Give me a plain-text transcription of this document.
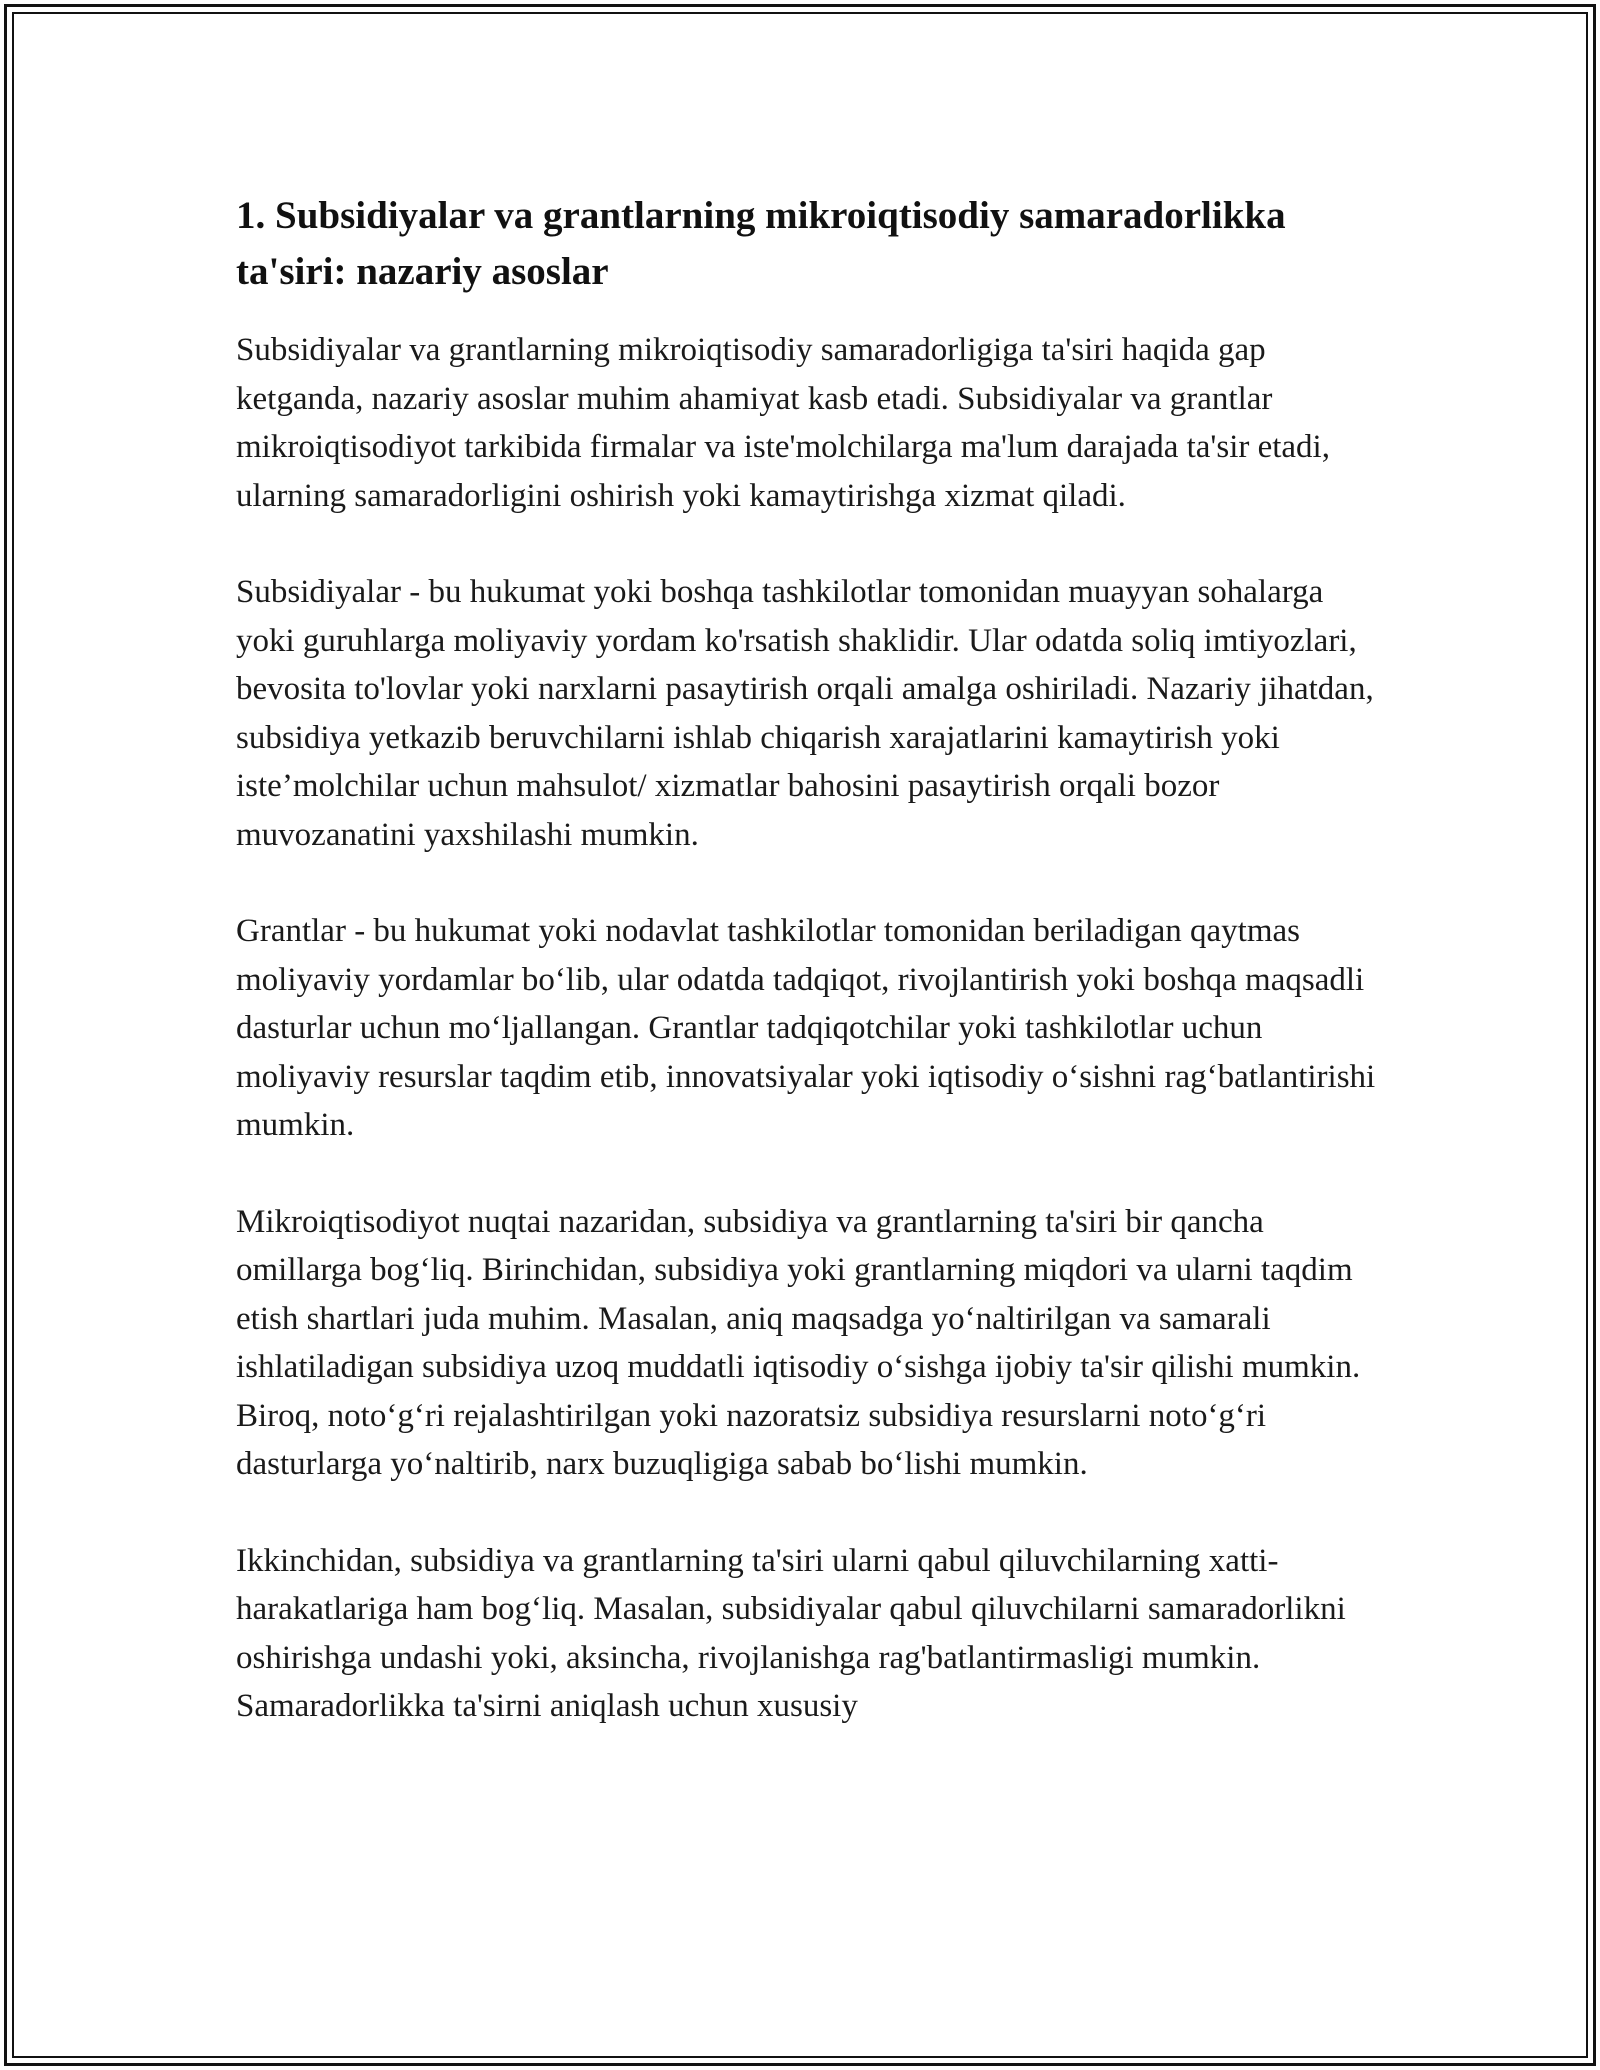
1. Subsidiyalar va grantlarning mikroiqtisodiy samaradorlikka ta'siri: nazariy asoslar

Subsidiyalar va grantlarning mikroiqtisodiy samaradorligiga ta'siri haqida gap ketganda, nazariy asoslar muhim ahamiyat kasb etadi. Subsidiyalar va grantlar mikroiqtisodiyot tarkibida firmalar va iste'molchilarga ma'lum darajada ta'sir etadi, ularning samaradorligini oshirish yoki kamaytirishga xizmat qiladi.

Subsidiyalar - bu hukumat yoki boshqa tashkilotlar tomonidan muayyan sohalarga yoki guruhlarga moliyaviy yordam ko'rsatish shaklidir. Ular odatda soliq imtiyozlari, bevosita to'lovlar yoki narxlarni pasaytirish orqali amalga oshiriladi. Nazariy jihatdan, subsidiya yetkazib beruvchilarni ishlab chiqarish xarajatlarini kamaytirish yoki iste’molchilar uchun mahsulot/ xizmatlar bahosini pasaytirish orqali bozor muvozanatini yaxshilashi mumkin.

Grantlar - bu hukumat yoki nodavlat tashkilotlar tomonidan beriladigan qaytmas moliyaviy yordamlar bo‘lib, ular odatda tadqiqot, rivojlantirish yoki boshqa maqsadli dasturlar uchun mo‘ljallangan. Grantlar tadqiqotchilar yoki tashkilotlar uchun moliyaviy resurslar taqdim etib, innovatsiyalar yoki iqtisodiy o‘sishni rag‘batlantirishi mumkin.

Mikroiqtisodiyot nuqtai nazaridan, subsidiya va grantlarning ta'siri bir qancha omillarga bog‘liq. Birinchidan, subsidiya yoki grantlarning miqdori va ularni taqdim etish shartlari juda muhim. Masalan, aniq maqsadga yo‘naltirilgan va samarali ishlatiladigan subsidiya uzoq muddatli iqtisodiy o‘sishga ijobiy ta'sir qilishi mumkin. Biroq, noto‘g‘ri rejalashtirilgan yoki nazoratsiz subsidiya resurslarni noto‘g‘ri dasturlarga yo‘naltirib, narx buzuqligiga sabab bo‘lishi mumkin.

Ikkinchidan, subsidiya va grantlarning ta'siri ularni qabul qiluvchilarning xatti-harakatlariga ham bog‘liq. Masalan, subsidiyalar qabul qiluvchilarni samaradorlikni oshirishga undashi yoki, aksincha, rivojlanishga rag'batlantirmasligi mumkin. Samaradorlikka ta'sirni aniqlash uchun xususiy
